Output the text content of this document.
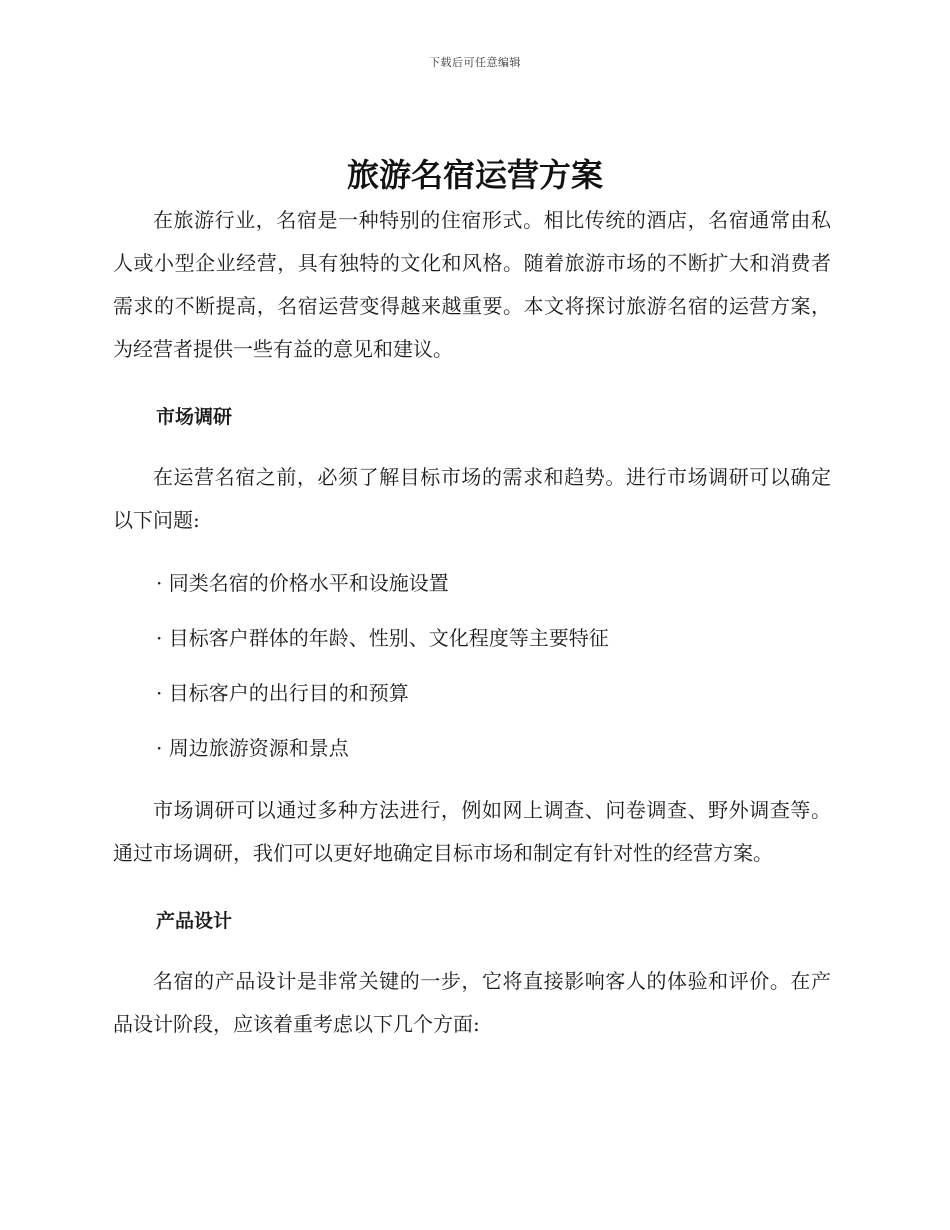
下载后可任意编辑
旅游名宿运营方案

在旅游行业，名宿是一种特别的住宿形式。相比传统的酒店，名宿通常由私人或小型企业经营，具有独特的文化和风格。随着旅游市场的不断扩大和消费者需求的不断提高，名宿运营变得越来越重要。本文将探讨旅游名宿的运营方案，为经营者提供一些有益的意见和建议。

市场调研

在运营名宿之前，必须了解目标市场的需求和趋势。进行市场调研可以确定以下问题:

· 同类名宿的价格水平和设施设置

· 目标客户群体的年龄、性别、文化程度等主要特征

· 目标客户的出行目的和预算

· 周边旅游资源和景点

市场调研可以通过多种方法进行，例如网上调查、问卷调查、野外调查等。通过市场调研，我们可以更好地确定目标市场和制定有针对性的经营方案。

产品设计

名宿的产品设计是非常关键的一步，它将直接影响客人的体验和评价。在产品设计阶段，应该着重考虑以下几个方面:
